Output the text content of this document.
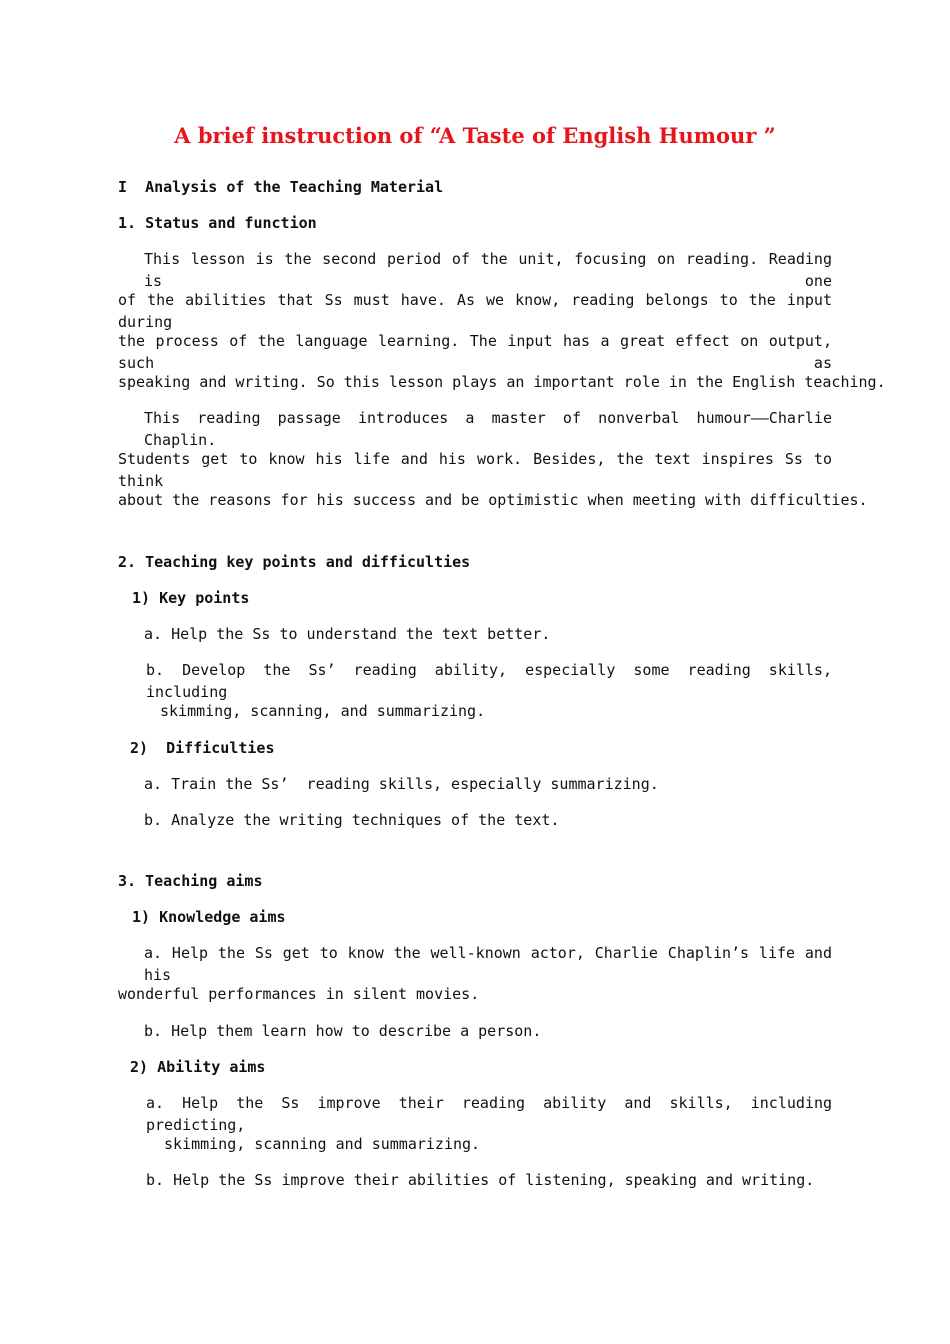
A brief instruction of “A Taste of English Humour ”

I  Analysis of the Teaching Material

1. Status and function

This lesson is the second period of the unit, focusing on reading. Reading is one

of the abilities that Ss must have. As we know, reading belongs to the input during

the process of the language learning. The input has a great effect on output, such as

speaking and writing. So this lesson plays an important role in the English teaching.

This reading passage introduces a master of nonverbal humour——Charlie Chaplin.

Students get to know his life and his work. Besides, the text inspires Ss to think

about the reasons for his success and be optimistic when meeting with difficulties.

2. Teaching key points and difficulties

1) Key points

a. Help the Ss to understand the text better.

b. Develop the Ss’ reading ability, especially some reading skills, including

skimming, scanning, and summarizing.

2)  Difficulties

a. Train the Ss’  reading skills, especially summarizing.

b. Analyze the writing techniques of the text.

3. Teaching aims

1) Knowledge aims

a. Help the Ss get to know the well-known actor, Charlie Chaplin’s life and his

wonderful performances in silent movies.

b. Help them learn how to describe a person.

2) Ability aims

a. Help the Ss improve their reading ability and skills, including predicting,

skimming, scanning and summarizing.

b. Help the Ss improve their abilities of listening, speaking and writing.
